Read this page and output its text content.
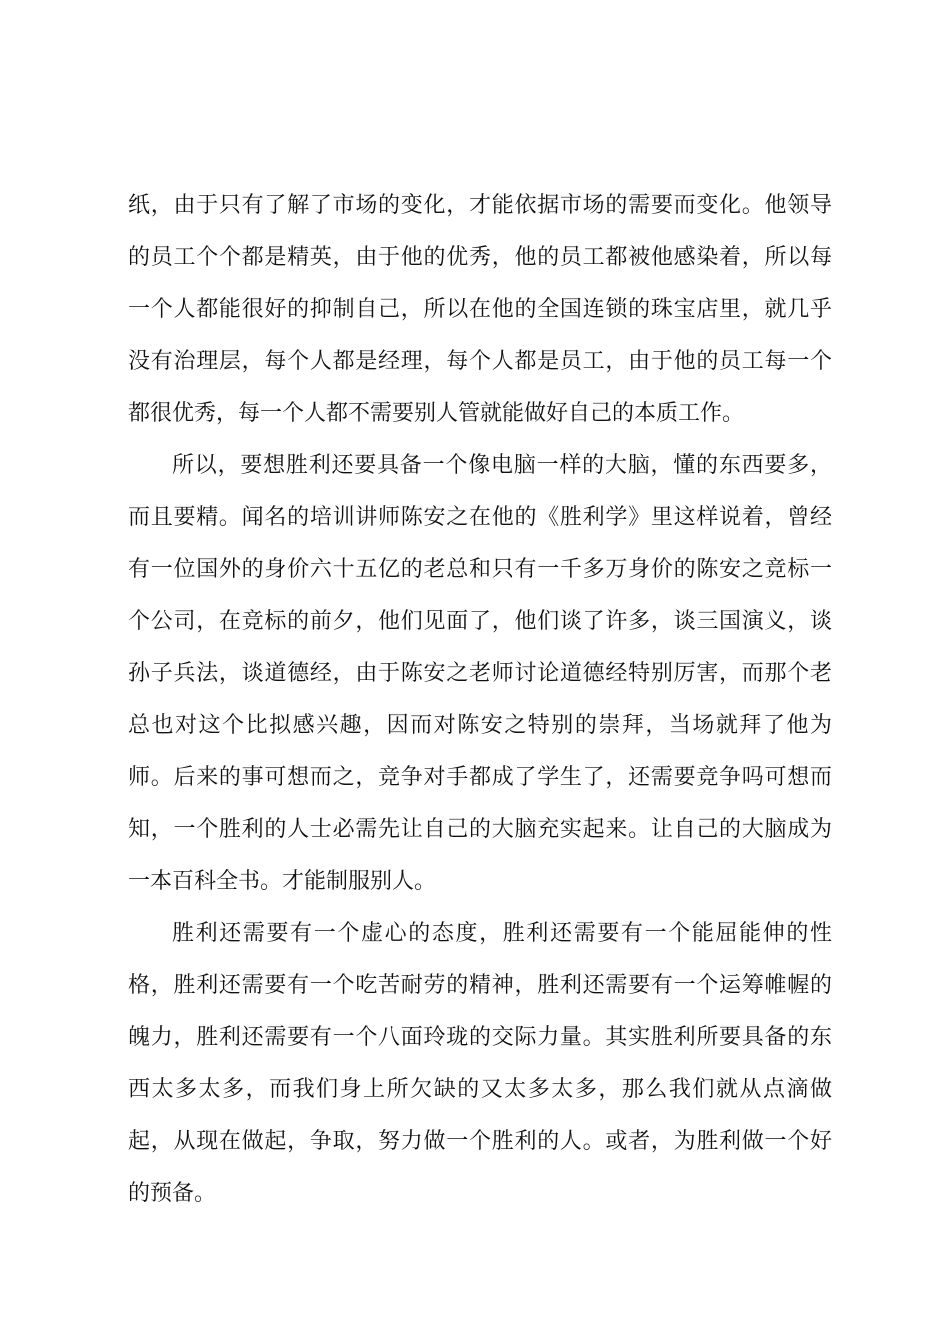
纸，由于只有了解了市场的变化，才能依据市场的需要而变化。他领导
的员工个个都是精英，由于他的优秀，他的员工都被他感染着，所以每
一个人都能很好的抑制自己，所以在他的全国连锁的珠宝店里，就几乎
没有治理层，每个人都是经理，每个人都是员工，由于他的员工每一个
都很优秀，每一个人都不需要别人管就能做好自己的本质工作。
所以，要想胜利还要具备一个像电脑一样的大脑，懂的东西要多，
而且要精。闻名的培训讲师陈安之在他的《胜利学》里这样说着，曾经
有一位国外的身价六十五亿的老总和只有一千多万身价的陈安之竞标一
个公司，在竞标的前夕，他们见面了，他们谈了许多，谈三国演义，谈
孙子兵法，谈道德经，由于陈安之老师讨论道德经特别厉害，而那个老
总也对这个比拟感兴趣，因而对陈安之特别的崇拜，当场就拜了他为
师。后来的事可想而之，竞争对手都成了学生了，还需要竞争吗可想而
知，一个胜利的人士必需先让自己的大脑充实起来。让自己的大脑成为
一本百科全书。才能制服别人。
胜利还需要有一个虚心的态度，胜利还需要有一个能屈能伸的性
格，胜利还需要有一个吃苦耐劳的精神，胜利还需要有一个运筹帷幄的
魄力，胜利还需要有一个八面玲珑的交际力量。其实胜利所要具备的东
西太多太多，而我们身上所欠缺的又太多太多，那么我们就从点滴做
起，从现在做起，争取，努力做一个胜利的人。或者，为胜利做一个好
的预备。
